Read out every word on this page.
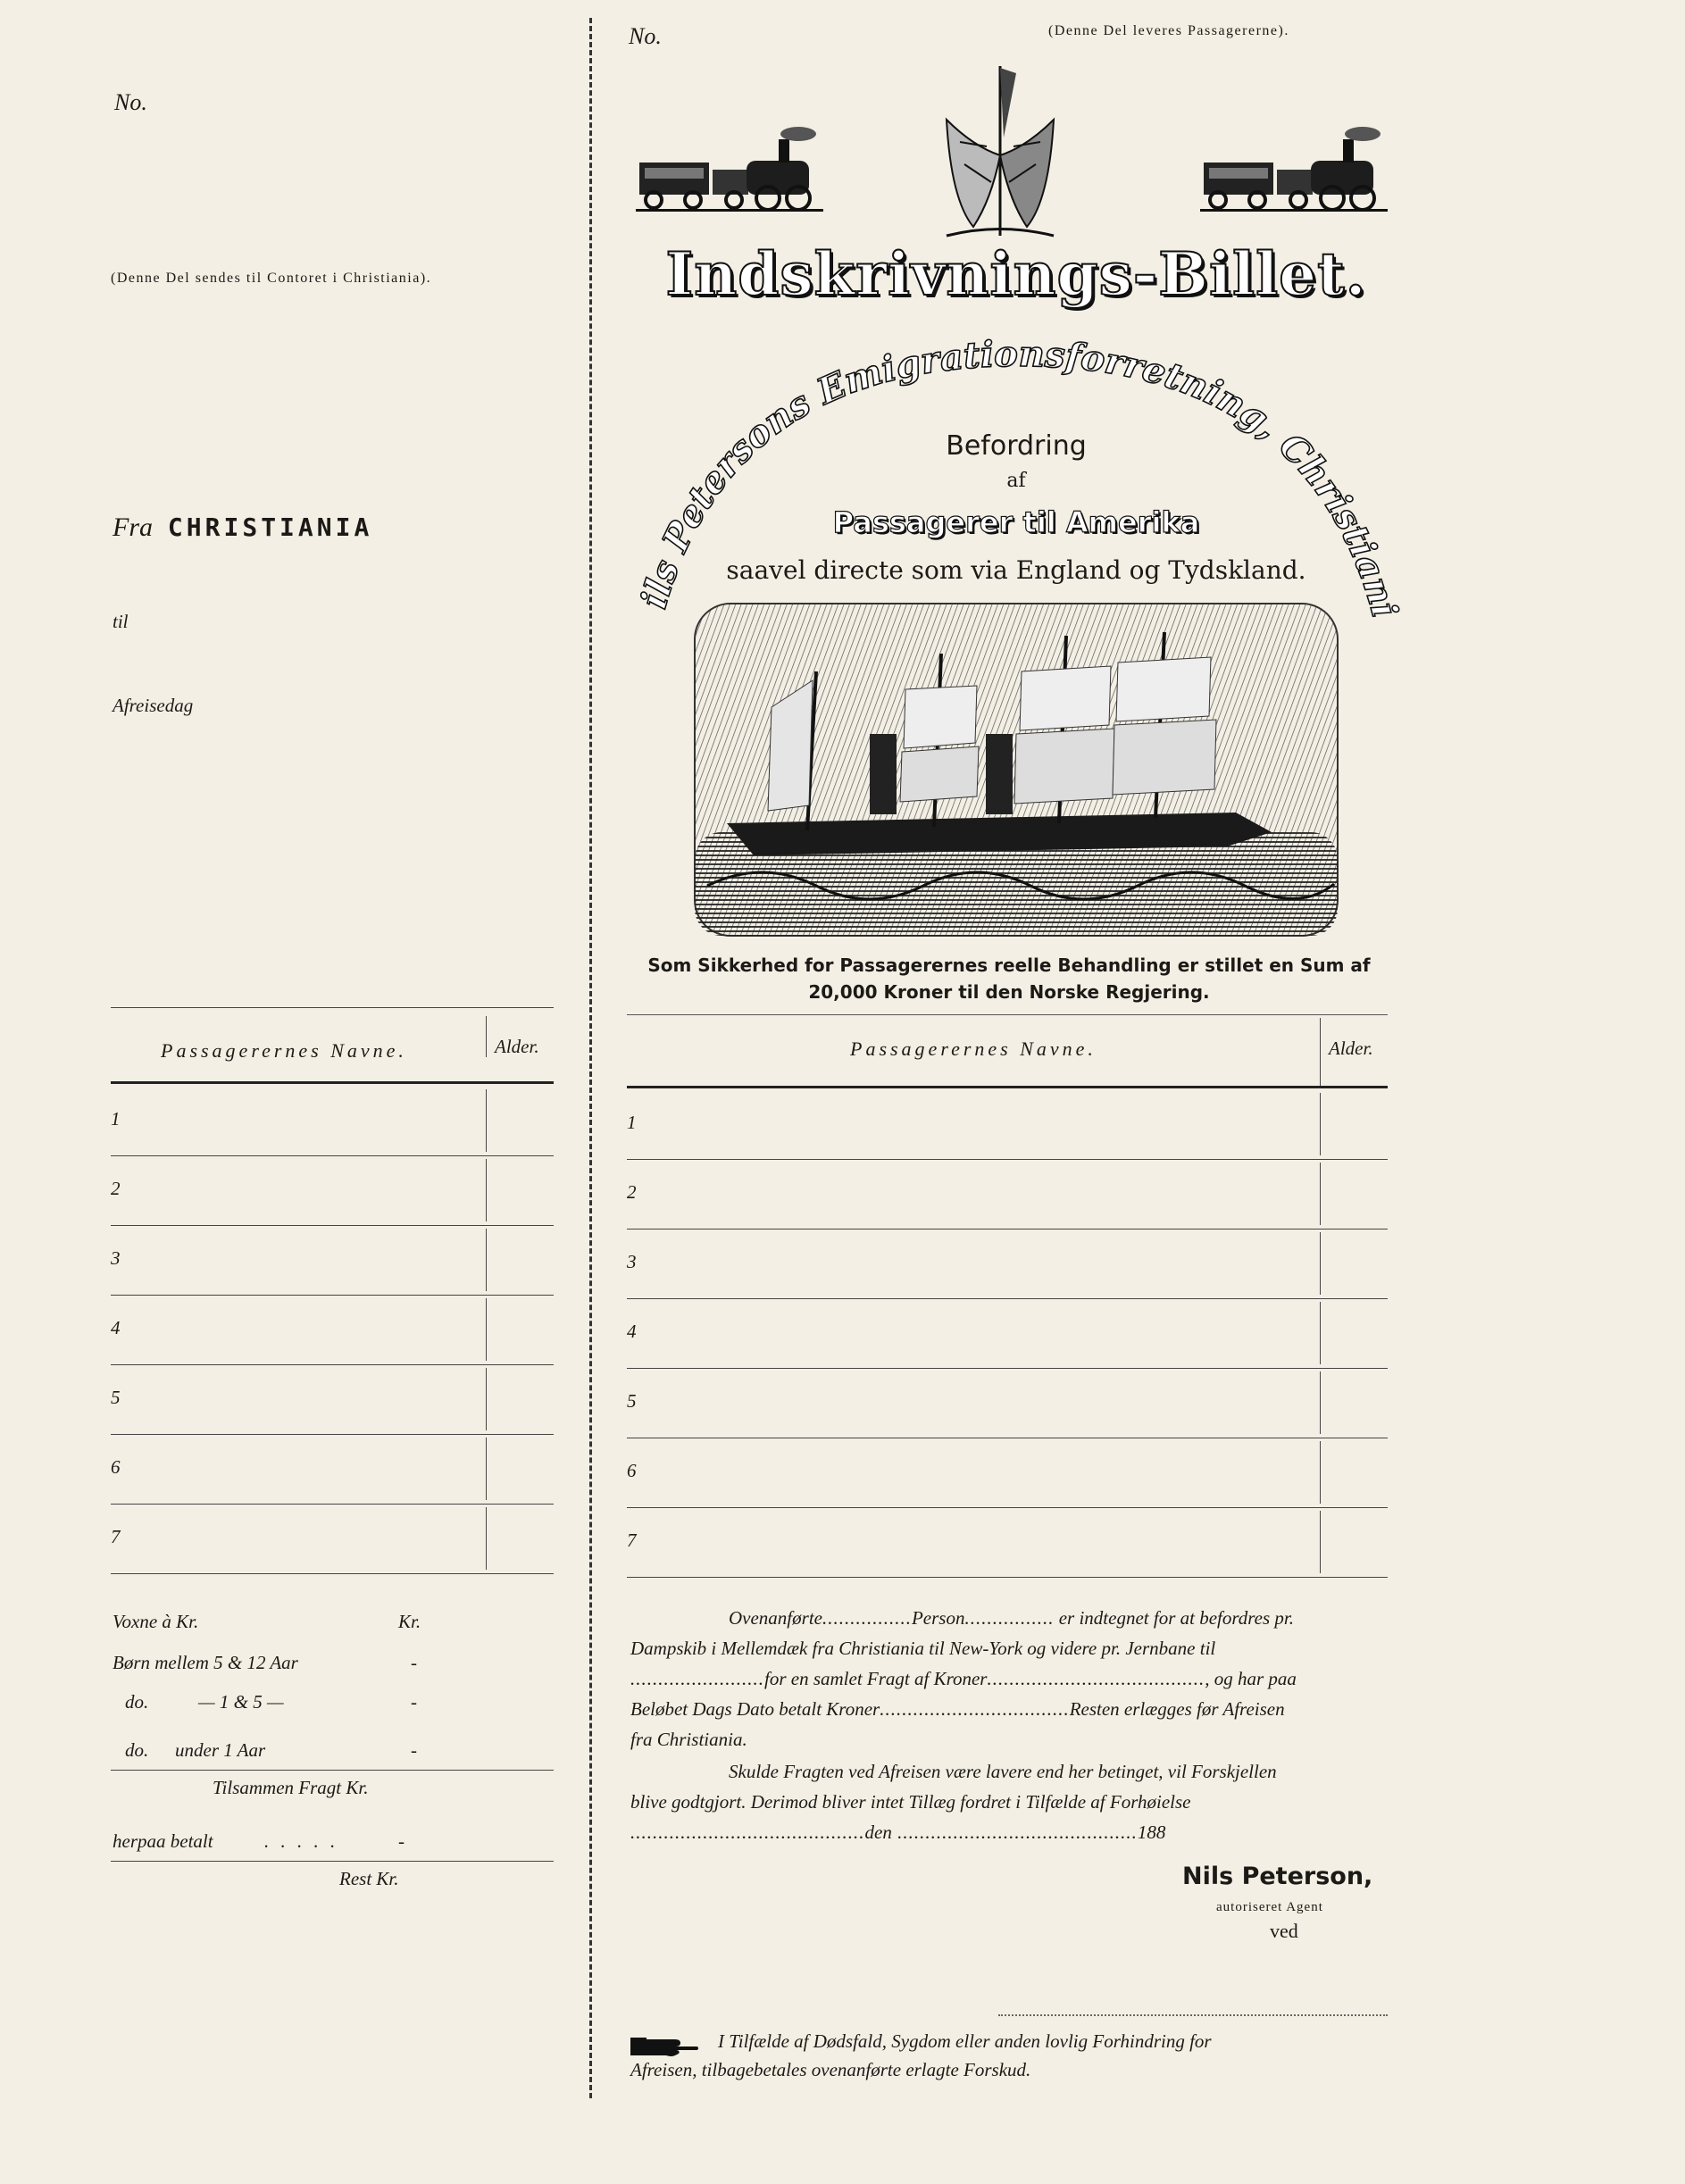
No.
(Denne Del sendes til Contoret i Christiania).
Fra CHRISTIANIA
til
Afreisedag
Passagerernes Navne.	Alder.
1
2
3
4
5
6
7
Voxne à Kr.	Kr.
Børn mellem 5 & 12 Aar	-
do.	— 1 & 5 —	-
do. under 1 Aar	-
Tilsammen Fragt Kr.
herpaa betalt	. . . . .	-
Rest Kr.
No.	(Denne Del leveres Passagererne).
Indskrivnings-Billet.
ils Petersons Emigrationsforretning, Christiani
Befordring
af
Passagerer til Amerika
saavel directe som via England og Tydskland.
Som Sikkerhed for Passagerernes reelle Behandling er stillet en Sum af
20,000 Kroner til den Norske Regjering.
Passagerernes Navne.	Alder.
1
2
3
4
5
6
7
Ovenanførte................Person................ er indtegnet for at befordres pr.
Dampskib i Mellemdæk fra Christiania til New-York og videre pr. Jernbane til
........................for en samlet Fragt af Kroner......................................., og har paa
Beløbet Dags Dato betalt Kroner..................................Resten erlægges før Afreisen
fra Christiania.
Skulde Fragten ved Afreisen være lavere end her betinget, vil Forskjellen
blive godtgjort. Derimod bliver intet Tillæg fordret i Tilfælde af Forhøielse
..........................................den ...........................................188
Nils Peterson,
autoriseret Agent
ved
I Tilfælde af Dødsfald, Sygdom eller anden lovlig Forhindring for
Afreisen, tilbagebetales ovenanførte erlagte Forskud.
